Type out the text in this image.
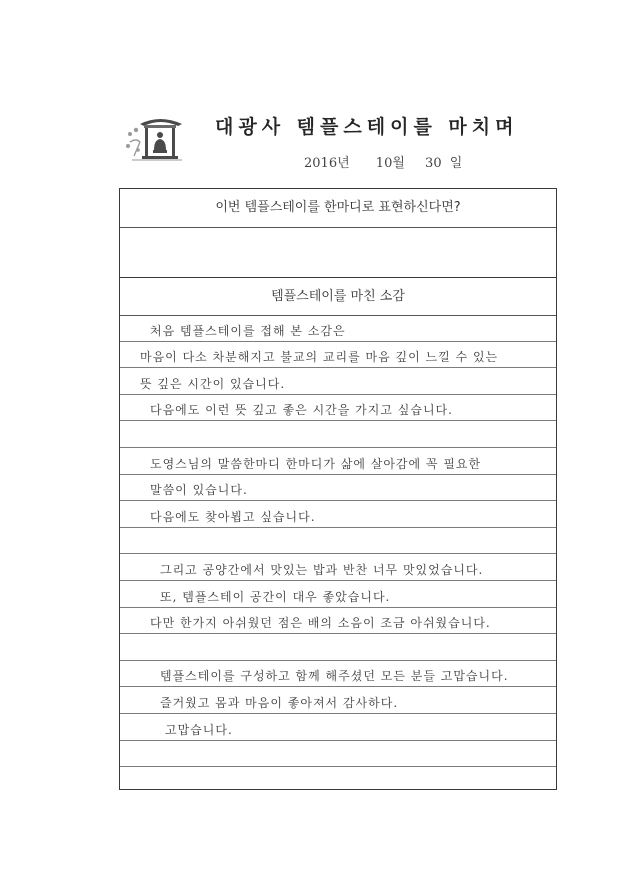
대광사 템플스테이를 마치며
2016년 10월 30 일
이번 템플스테이를 한마디로 표현하신다면?
템플스테이를 마친 소감
처음 템플스테이를 접해 본 소감은
마음이 다소 차분해지고 불교의 교리를 마음 깊이 느낄 수 있는
뜻 깊은 시간이 있습니다.
다음에도 이런 뜻 깊고 좋은 시간을 가지고 싶습니다.
도영스님의 말씀한마디 한마디가 삶에 살아감에 꼭 필요한
말씀이 있습니다.
다음에도 찾아뵙고 싶습니다.
그리고 공양간에서 맛있는 밥과 반찬 너무 맛있었습니다.
또, 템플스테이 공간이 대우 좋았습니다.
다만 한가지 아쉬웠던 점은 배의 소음이 조금 아쉬웠습니다.
템플스테이를 구성하고 함께 해주셨던 모든 분들 고맙습니다.
즐거웠고 몸과 마음이 좋아져서 감사하다.
고맙습니다.
